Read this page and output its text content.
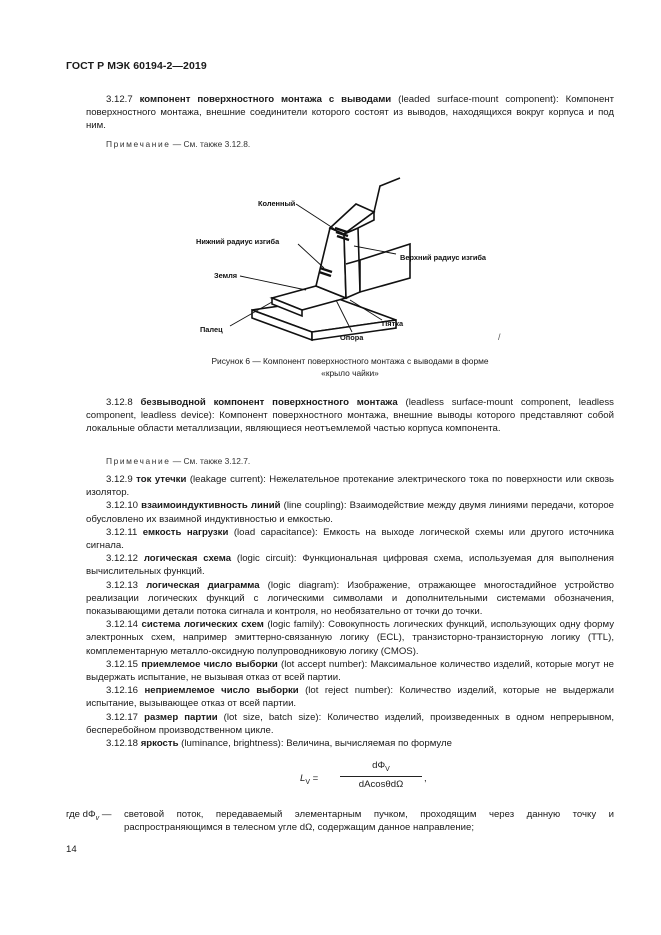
ГОСТ Р МЭК 60194-2—2019

3.12.7 компонент поверхностного монтажа с выводами (leaded surface-mount component): Компонент поверхностного монтажа, внешние соединители которого состоят из выводов, находящихся вокруг корпуса и под ним.

Примечание — См. также 3.12.8.
Коленный
Нижний радиус изгиба
Верхний радиус изгиба
Земля
Палец
Опора
Пятка
/
Рисунок 6 — Компонент поверхностного монтажа с выводами в форме
«крыло чайки»

3.12.8 безвыводной компонент поверхностного монтажа (leadless surface-mount component, leadless component, leadless device): Компонент поверхностного монтажа, внешние выводы которого представляют собой локальные области металлизации, являющиеся неотъемлемой частью корпуса компонента.

Примечание — См. также 3.12.7.

3.12.9 ток утечки (leakage current): Нежелательное протекание электрического тока по поверхности или сквозь изолятор.

3.12.10 взаимоиндуктивность линий (line coupling): Взаимодействие между двумя линиями передачи, которое обусловлено их взаимной индуктивностью и емкостью.

3.12.11 емкость нагрузки (load capacitance): Емкость на выходе логической схемы или другого источника сигнала.

3.12.12 логическая схема (logic circuit): Функциональная цифровая схема, используемая для выполнения вычислительных функций.

3.12.13 логическая диаграмма (logic diagram): Изображение, отражающее многостадийное устройство реализации логических функций с логическими символами и дополнительными системами обозначения, показывающими детали потока сигнала и контроля, но необязательно от точки до точки.

3.12.14 система логических схем (logic family): Совокупность логических функций, использующих одну форму электронных схем, например эмиттерно-связанную логику (ECL), транзисторно-транзисторную логику (TTL), комплементарную металло-оксидную полупроводниковую логику (CMOS).

3.12.15 приемлемое число выборки (lot accept number): Максимальное количество изделий, которые могут не выдержать испытание, не вызывая отказ от всей партии.

3.12.16 неприемлемое число выборки (lot reject number): Количество изделий, которые не выдержали испытание, вызывающее отказ от всей партии.

3.12.17 размер партии (lot size, batch size): Количество изделий, произведенных в одном непрерывном, бесперебойном производственном цикле.

3.12.18 яркость (luminance, brightness): Величина, вычисляемая по формуле

$L_V$ =
$d\Phi_V$
dAcosθdΩ
,
где $d\Phi_v$ —	световой поток, передаваемый элементарным пучком, проходящим через данную точку и распространяющимся в телесном угле dΩ, содержащим данное направление;
14
